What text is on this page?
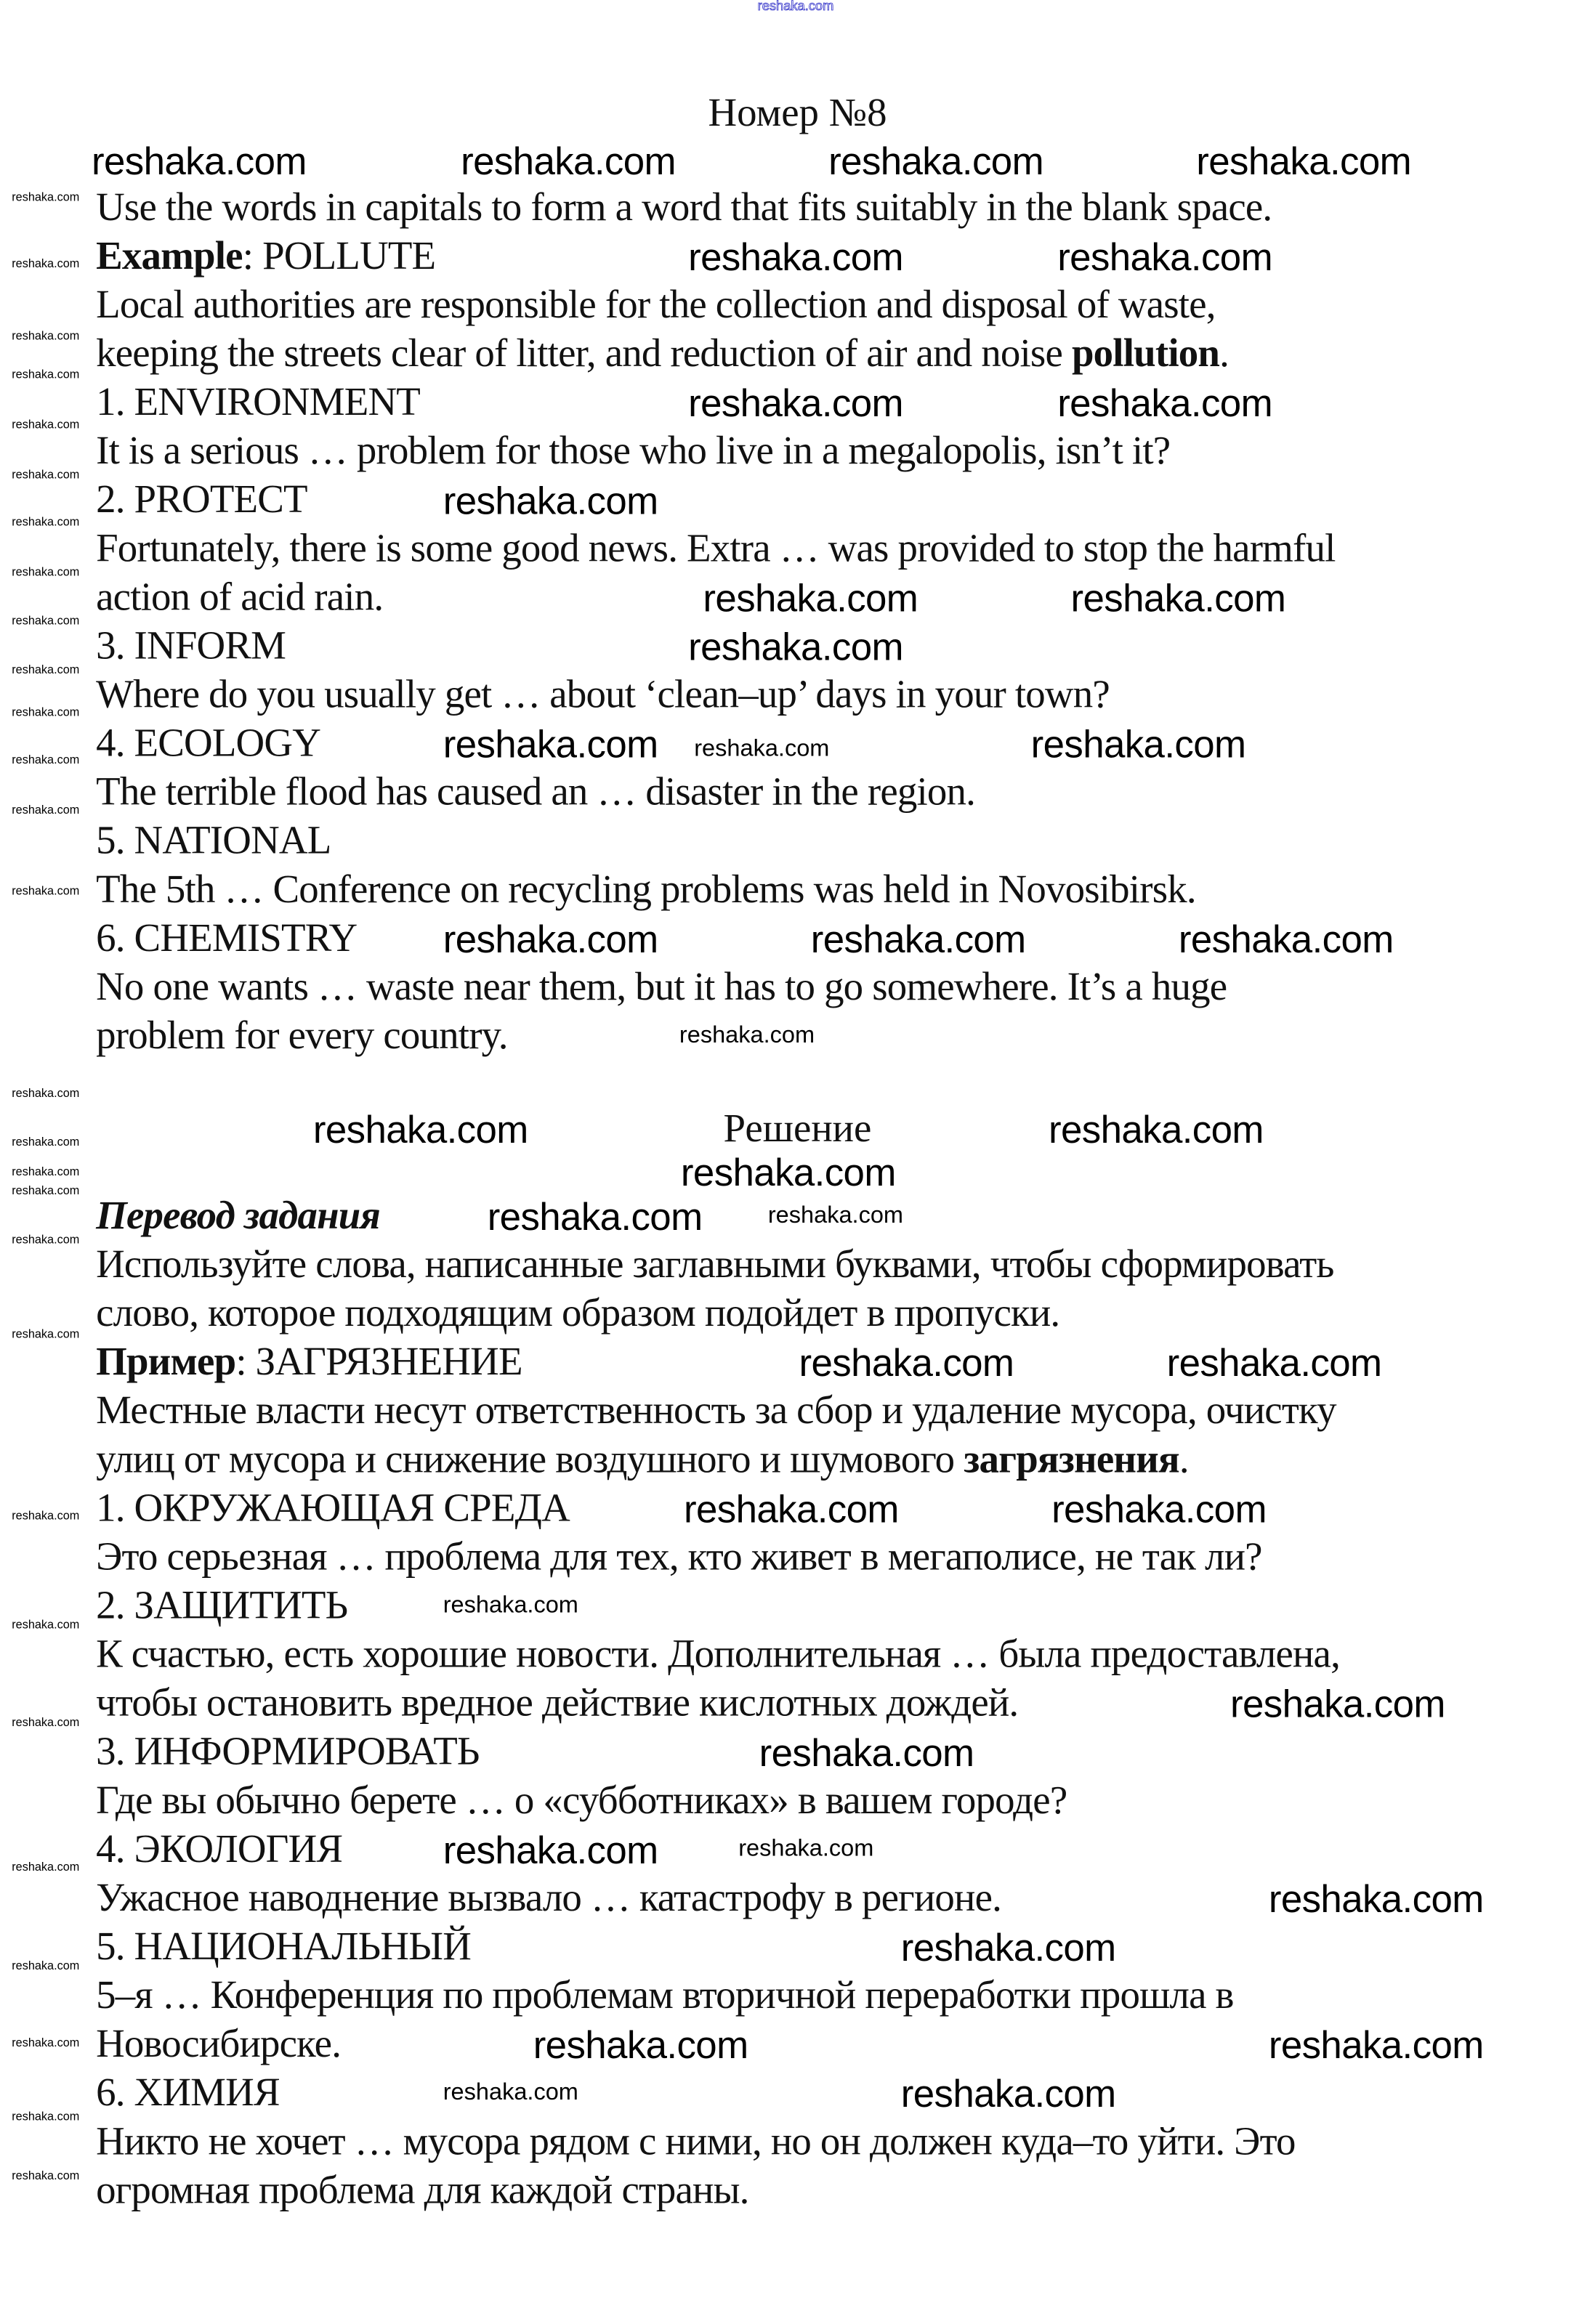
Номер №8
Use the words in capitals to form a word that fits suitably in the blank space.
Example: POLLUTE
Local authorities are responsible for the collection and disposal of waste,
keeping the streets clear of litter, and reduction of air and noise pollution.
1. ENVIRONMENT
It is a serious … problem for those who live in a megalopolis, isn’t it?
2. PROTECT
Fortunately, there is some good news. Extra … was provided to stop the harmful
action of acid rain.
3. INFORM
Where do you usually get … about ‘clean–up’ days in your town?
4. ECOLOGY
The terrible flood has caused an … disaster in the region.
5. NATIONAL
The 5th … Conference on recycling problems was held in Novosibirsk.
6. CHEMISTRY
No one wants … waste near them, but it has to go somewhere. It’s a huge
problem for every country.
Решение
Перевод задания
Используйте слова, написанные заглавными буквами, чтобы сформировать
слово, которое подходящим образом подойдет в пропуски.
Пример: ЗАГРЯЗНЕНИЕ
Местные власти несут ответственность за сбор и удаление мусора, очистку
улиц от мусора и снижение воздушного и шумового загрязнения.
1. ОКРУЖАЮЩАЯ СРЕДА
Это серьезная … проблема для тех, кто живет в мегаполисе, не так ли?
2. ЗАЩИТИТЬ
К счастью, есть хорошие новости. Дополнительная … была предоставлена,
чтобы остановить вредное действие кислотных дождей.
3. ИНФОРМИРОВАТЬ
Где вы обычно берете … о «субботниках» в вашем городе?
4. ЭКОЛОГИЯ
Ужасное наводнение вызвало … катастрофу в регионе.
5. НАЦИОНАЛЬНЫЙ
5–я … Конференция по проблемам вторичной переработки прошла в
Новосибирске.
6. ХИМИЯ
Никто не хочет … мусора рядом с ними, но он должен куда–то уйти. Это
огромная проблема для каждой страны.
reshaka.com
reshaka.com	reshaka.com	reshaka.com	reshaka.com
reshaka.com	reshaka.com
reshaka.com	reshaka.com
reshaka.com
reshaka.com	reshaka.com
reshaka.com
reshaka.com	reshaka.com
reshaka.com	reshaka.com	reshaka.com
reshaka.com	reshaka.com
reshaka.com
reshaka.com
reshaka.com	reshaka.com
reshaka.com	reshaka.com
reshaka.com
reshaka.com
reshaka.com
reshaka.com
reshaka.com
reshaka.com	reshaka.com
reshaka.com
reshaka.com
reshaka.com
reshaka.com
reshaka.com
reshaka.com
reshaka.com
reshaka.com
reshaka.com
reshaka.com
reshaka.com
reshaka.com
reshaka.com
reshaka.com
reshaka.com
reshaka.com
reshaka.com
reshaka.com
reshaka.com
reshaka.com
reshaka.com
reshaka.com
reshaka.com
reshaka.com
reshaka.com
reshaka.com
reshaka.com
reshaka.com
reshaka.com
reshaka.com
reshaka.com
reshaka.com
reshaka.com
reshaka.com
reshaka.com
